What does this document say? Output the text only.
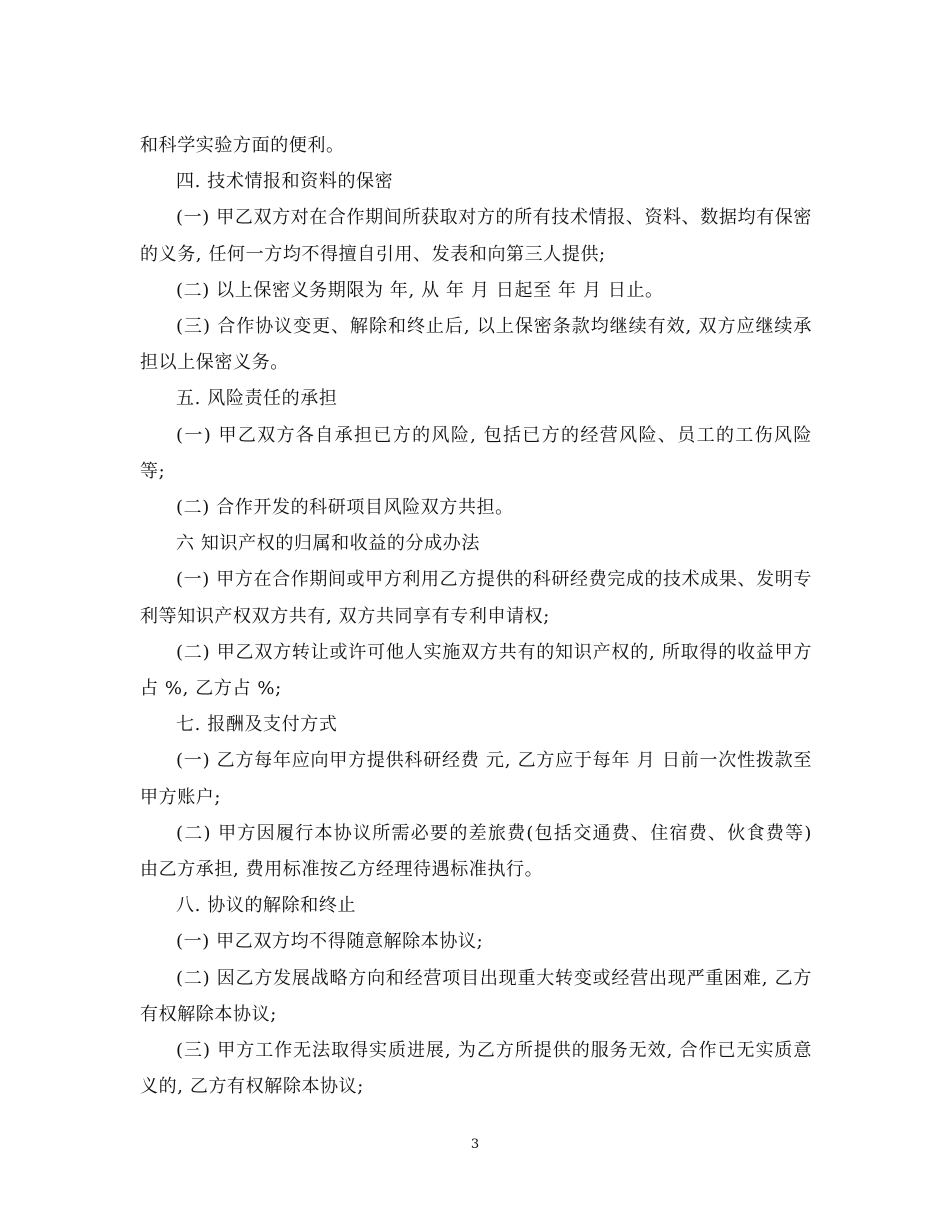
和科学实验方面的便利。

四. 技术情报和资料的保密

(一) 甲乙双方对在合作期间所获取对方的所有技术情报、资料、数据均有保密的义务, 任何一方均不得擅自引用、发表和向第三人提供;

(二) 以上保密义务期限为 年, 从 年 月 日起至 年 月 日止。

(三) 合作协议变更、解除和终止后, 以上保密条款均继续有效, 双方应继续承担以上保密义务。

五. 风险责任的承担

(一) 甲乙双方各自承担已方的风险, 包括已方的经营风险、员工的工伤风险等;

(二) 合作开发的科研项目风险双方共担。

六 知识产权的归属和收益的分成办法

(一) 甲方在合作期间或甲方利用乙方提供的科研经费完成的技术成果、发明专利等知识产权双方共有, 双方共同享有专利申请权;

(二) 甲乙双方转让或许可他人实施双方共有的知识产权的, 所取得的收益甲方占 %, 乙方占 %;

七. 报酬及支付方式

(一) 乙方每年应向甲方提供科研经费 元, 乙方应于每年 月 日前一次性拨款至甲方账户;

(二) 甲方因履行本协议所需必要的差旅费(包括交通费、住宿费、伙食费等) 由乙方承担, 费用标准按乙方经理待遇标准执行。

八. 协议的解除和终止

(一) 甲乙双方均不得随意解除本协议;

(二) 因乙方发展战略方向和经营项目出现重大转变或经营出现严重困难, 乙方有权解除本协议;

(三) 甲方工作无法取得实质进展, 为乙方所提供的服务无效, 合作已无实质意义的, 乙方有权解除本协议;

3
